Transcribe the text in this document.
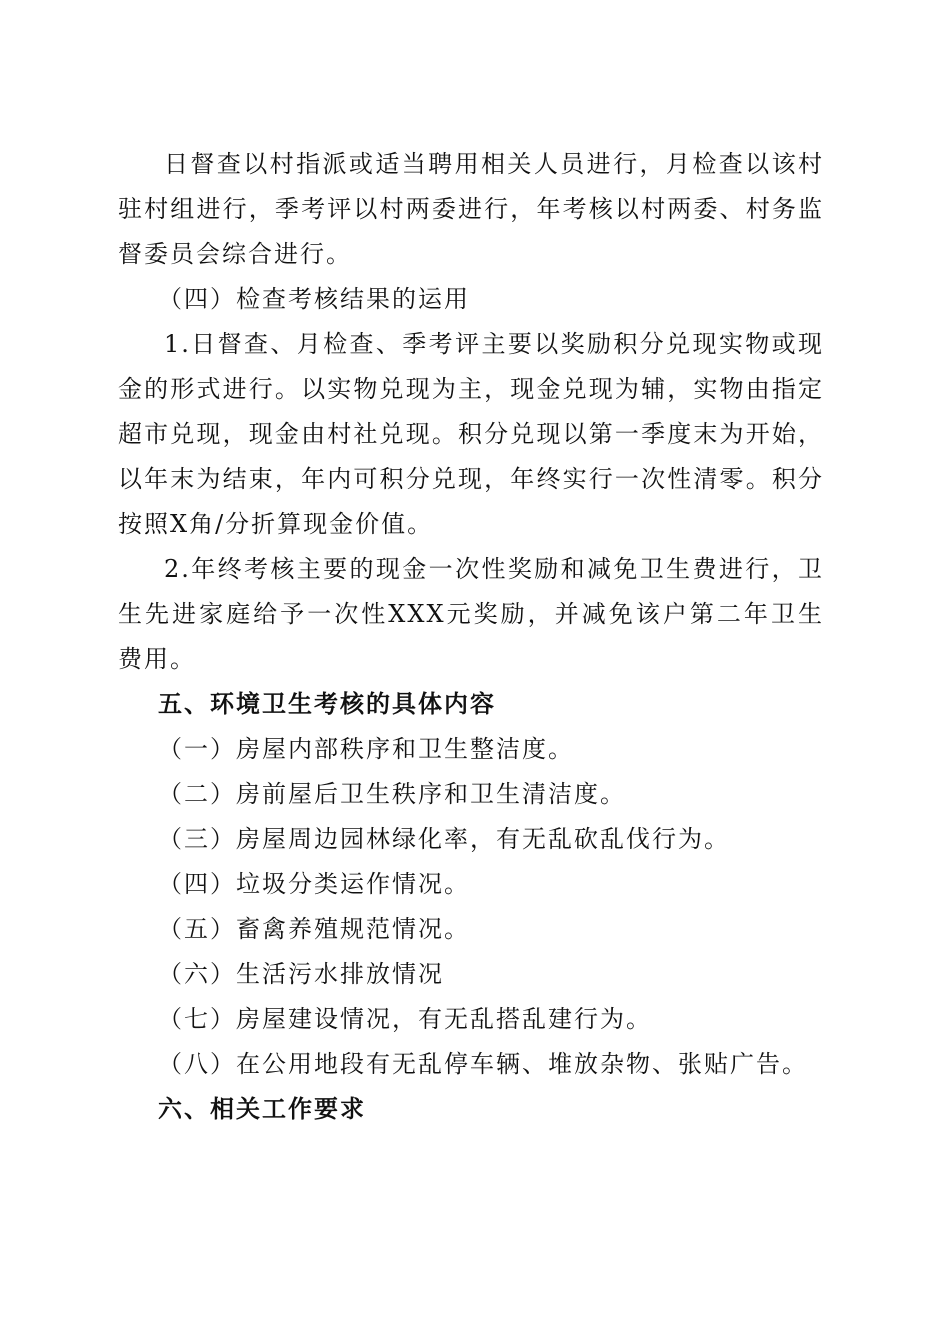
日督查以村指派或适当聘用相关人员进行，月检查以该村驻村组进行，季考评以村两委进行，年考核以村两委、村务监督委员会综合进行。

（四）检查考核结果的运用

1.日督查、月检查、季考评主要以奖励积分兑现实物或现金的形式进行。以实物兑现为主，现金兑现为辅，实物由指定超市兑现，现金由村社兑现。积分兑现以第一季度末为开始，以年末为结束，年内可积分兑现，年终实行一次性清零。积分按照X角/分折算现金价值。

2.年终考核主要的现金一次性奖励和减免卫生费进行，卫生先进家庭给予一次性XXX元奖励，并减免该户第二年卫生费用。

五、环境卫生考核的具体内容

（一）房屋内部秩序和卫生整洁度。

（二）房前屋后卫生秩序和卫生清洁度。

（三）房屋周边园林绿化率，有无乱砍乱伐行为。

（四）垃圾分类运作情况。

（五）畜禽养殖规范情况。

（六）生活污水排放情况

（七）房屋建设情况，有无乱搭乱建行为。

（八）在公用地段有无乱停车辆、堆放杂物、张贴广告。

六、相关工作要求
